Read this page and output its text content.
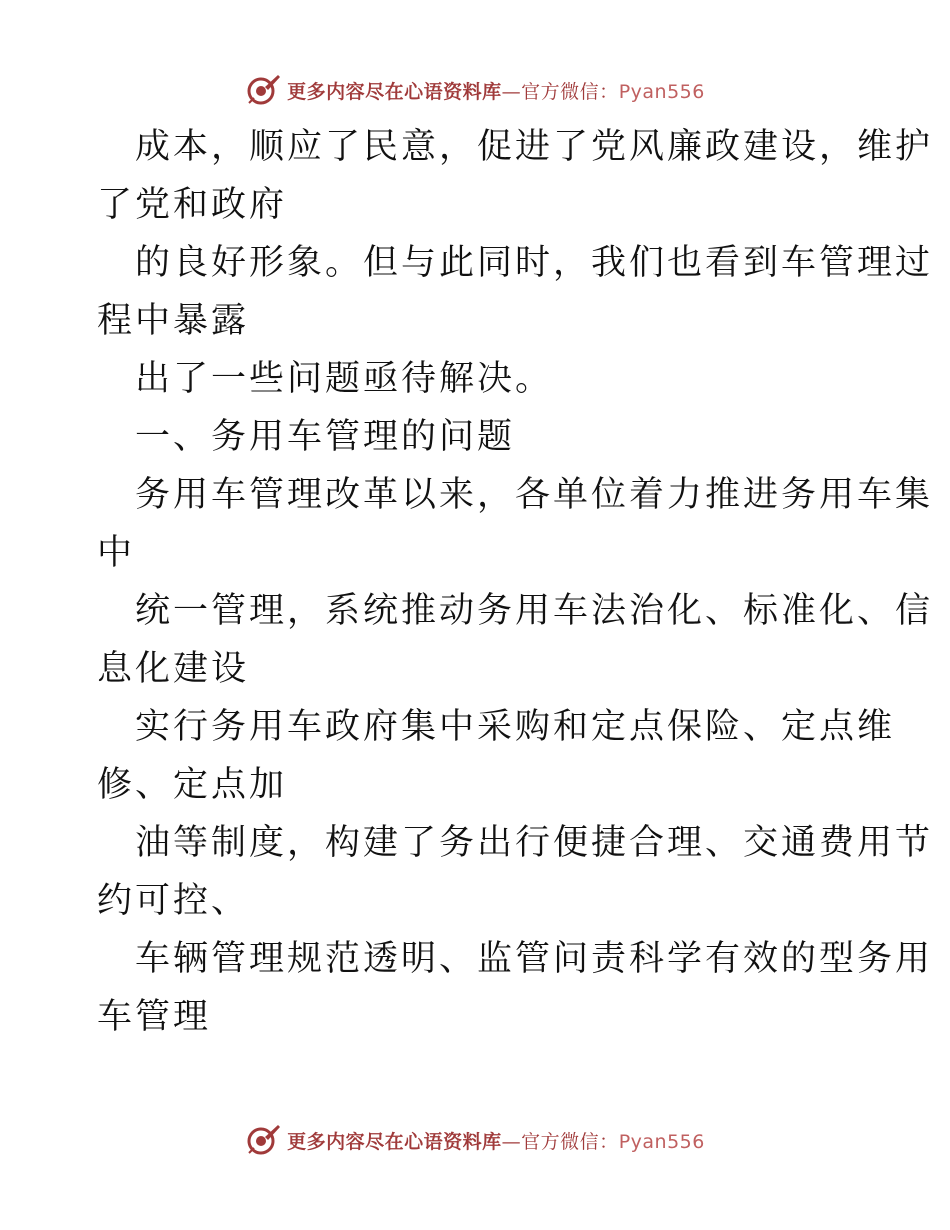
更多内容尽在心语资料库—官方微信：Pyan556
成本，顺应了民意，促进了党风廉政建设，维护
了党和政府
的良好形象。但与此同时，我们也看到车管理过
程中暴露
出了一些问题亟待解决。
一、务用车管理的问题
务用车管理改革以来，各单位着力推进务用车集
中
统一管理，系统推动务用车法治化、标准化、信
息化建设
实行务用车政府集中采购和定点保险、定点维
修、定点加
油等制度，构建了务出行便捷合理、交通费用节
约可控、
车辆管理规范透明、监管问责科学有效的型务用
车管理
更多内容尽在心语资料库—官方微信：Pyan556
